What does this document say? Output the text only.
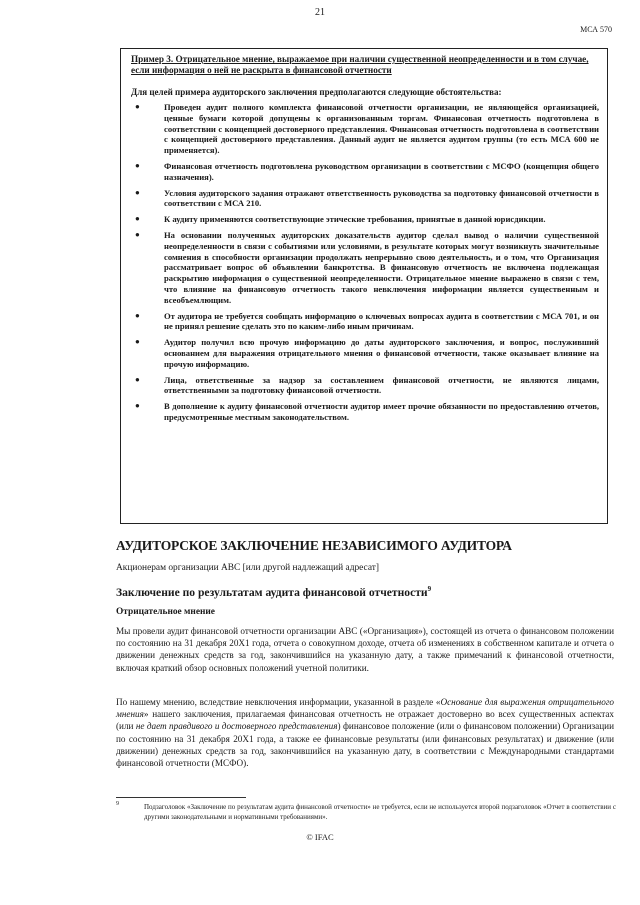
21
МСА 570
Пример 3. Отрицательное мнение, выражаемое при наличии существенной неопределенности и в том случае, если информация о ней не раскрыта в финансовой отчетности
Для целей примера аудиторского заключения предполагаются следующие обстоятельства:
●	Проведен аудит полного комплекта финансовой отчетности организации, не являющейся организацией, ценные бумаги которой допущены к организованным торгам. Финансовая отчетность подготовлена в соответствии с концепцией достоверного представления. Финансовая отчетность подготовлена в соответствии с концепцией достоверного представления. Данный аудит не является аудитом группы (то есть МСА 600 не применяется).
●	Финансовая отчетность подготовлена руководством организации в соответствии с МСФО (концепция общего назначения).
●	Условия аудиторского задания отражают ответственность руководства за подготовку финансовой отчетности в соответствии с МСА 210.
●	К аудиту применяются соответствующие этические требования, принятые в данной юрисдикции.
●	На основании полученных аудиторских доказательств аудитор сделал вывод о наличии существенной неопределенности в связи с событиями или условиями, в результате которых могут возникнуть значительные сомнения в способности организации продолжать непрерывно свою деятельность, и о том, что Организация рассматривает вопрос об объявлении банкротства. В финансовую отчетность не включена подлежащая раскрытию информация о существенной неопределенности. Отрицательное мнение выражено в связи с тем, что влияние на финансовую отчетность такого невключения информации является существенным и всеобъемлющим.
●	От аудитора не требуется сообщать информацию о ключевых вопросах аудита в соответствии с МСА 701, и он не принял решение сделать это по каким-либо иным причинам.
●	Аудитор получил всю прочую информацию до даты аудиторского заключения, и вопрос, послуживший основанием для выражения отрицательного мнения о финансовой отчетности, также оказывает влияние на прочую информацию.
●	Лица, ответственные за надзор за составлением финансовой отчетности, не являются лицами, ответственными за подготовку финансовой отчетности.
●	В дополнение к аудиту финансовой отчетности аудитор имеет прочие обязанности по предоставлению отчетов, предусмотренные местным законодательством.
АУДИТОРСКОЕ ЗАКЛЮЧЕНИЕ НЕЗАВИСИМОГО АУДИТОРА
Акционерам организации АВС [или другой надлежащий адресат]
Заключение по результатам аудита финансовой отчетности$^9$
Отрицательное мнение
Мы провели аудит финансовой отчетности организации АВС («Организация»), состоящей из отчета о финансовом положении по состоянию на 31 декабря 20X1 года, отчета о совокупном доходе, отчета об изменениях в собственном капитале и отчета о движении денежных средств за год, закончившийся на указанную дату, а также примечаний к финансовой отчетности, включая краткий обзор основных положений учетной политики.
По нашему мнению, вследствие невключения информации, указанной в разделе «Основание для выражения отрицательного мнения» нашего заключения, прилагаемая финансовая отчетность не отражает достоверно во всех существенных аспектах (или не дает правдивого и достоверного представления) финансовое положение (или о финансовом положении) Организации по состоянию на 31 декабря 20X1 года, а также ее финансовые результаты (или финансовых результатах) и движение (или движении) денежных средств за год, закончившийся на указанную дату, в соответствии с Международными стандартами финансовой отчетности (МСФО).
9	Подзаголовок «Заключение по результатам аудита финансовой отчетности» не требуется, если не используется второй подзаголовок «Отчет в соответствии с другими законодательными и нормативными требованиями».
© IFAC
